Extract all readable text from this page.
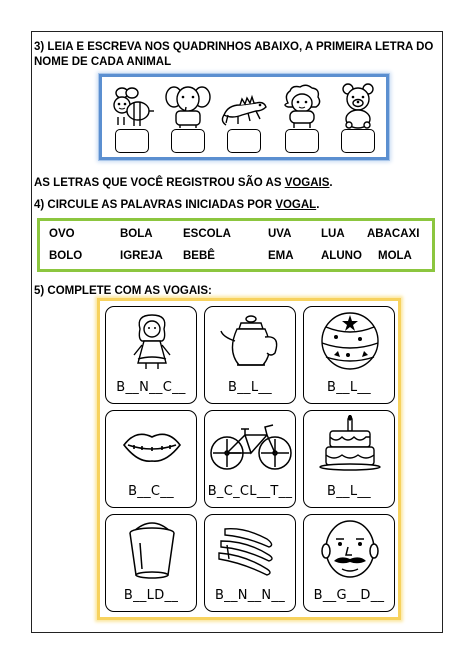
3) LEIA E ESCREVA NOS QUADRINHOS ABAIXO, A PRIMEIRA LETRA DO
NOME DE CADA ANIMAL
AS LETRAS QUE VOCÊ REGISTROU SÃO AS VOGAIS.
4) CIRCULE AS PALAVRAS INICIADAS POR VOGAL.
OVO	BOLA	ESCOLA	UVA	LUA ABACAXI
BOLO	IGREJA BEBÊ	EMA ALUNO MOLA
5) COMPLETE COM AS VOGAIS:
B__N__C__	B__L__	B__L__
B__C__	B_C_CL__T__	B__L__
B__LD__	B__N__N__	B__G__D__
